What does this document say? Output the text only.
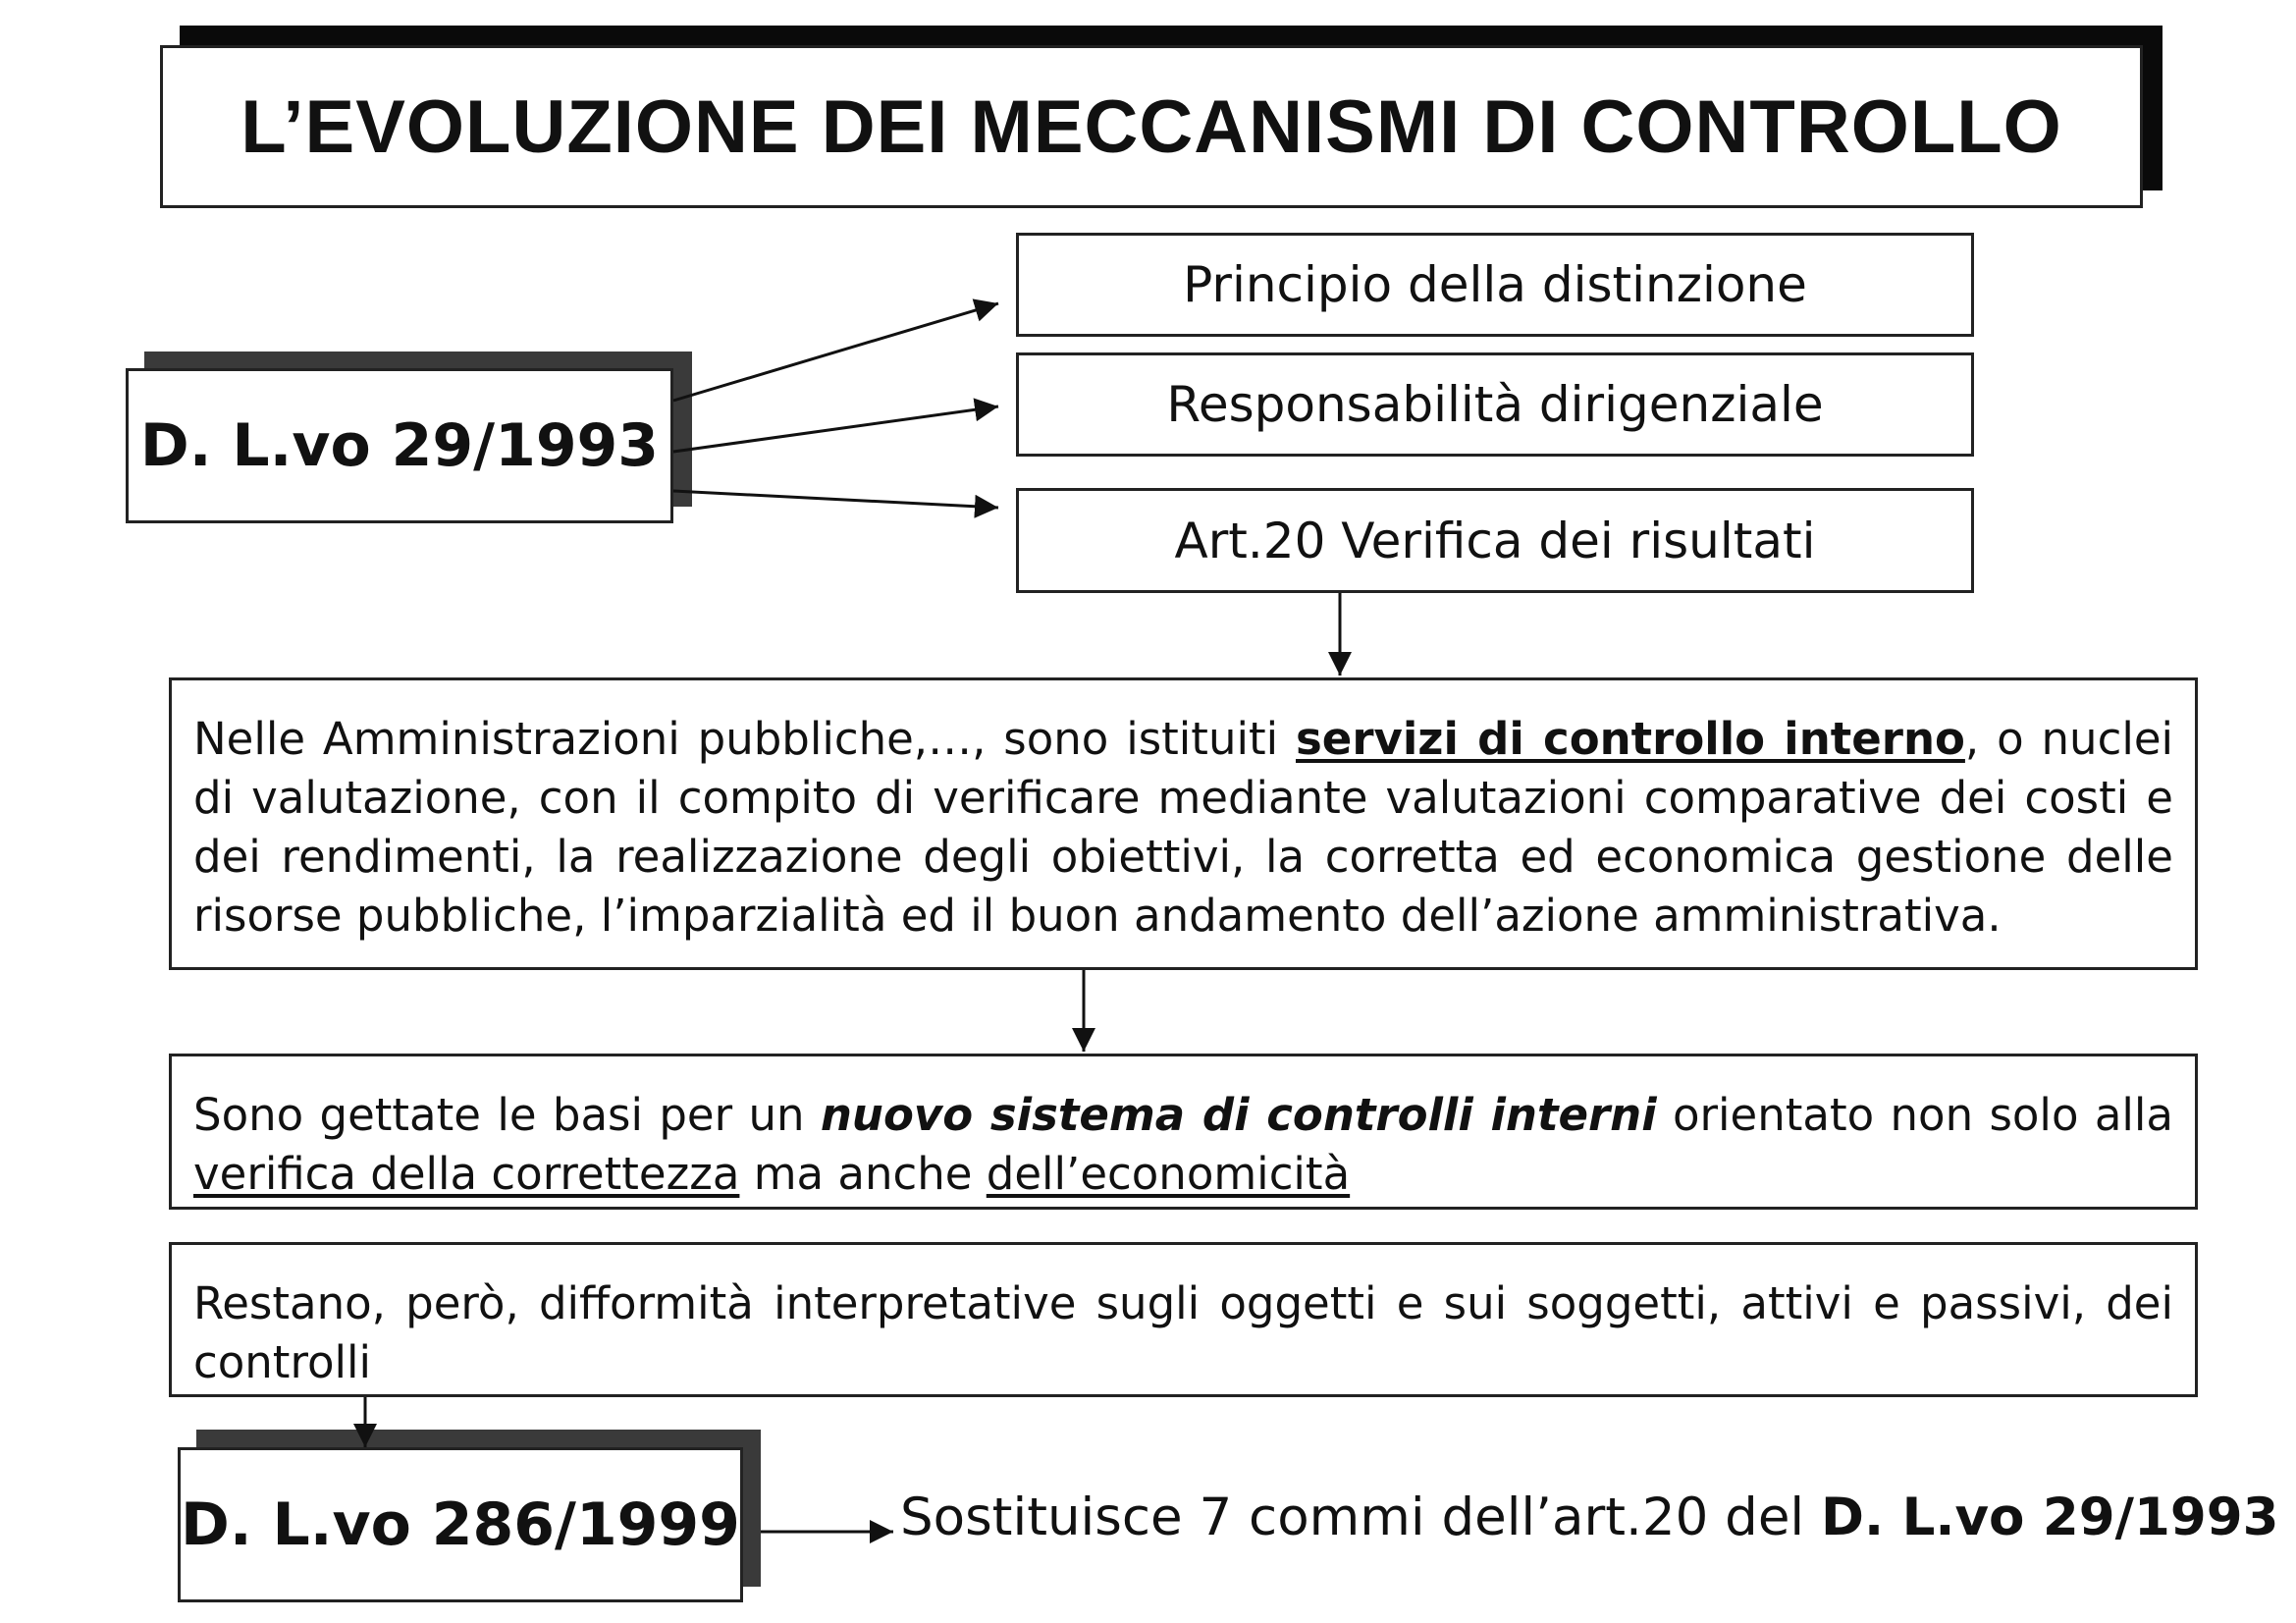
L’EVOLUZIONE DEI MECCANISMI DI CONTROLLO
D. L.vo 29/1993
Principio della distinzione
Responsabilità dirigenziale
Art.20 Verifica dei risultati
Nelle Amministrazioni pubbliche,…, sono istituiti servizi di controllo interno, o nuclei di valutazione, con il compito di verificare mediante valutazioni comparative dei costi e dei rendimenti, la realizzazione degli obiettivi, la corretta ed economica gestione delle risorse pubbliche, l’imparzialità ed il buon andamento dell’azione amministrativa.
Sono gettate le basi per un nuovo sistema di controlli interni orientato non solo alla verifica della correttezza ma anche dell’economicità
Restano, però, difformità interpretative sugli oggetti e sui soggetti, attivi e passivi, dei controlli
D. L.vo 286/1999	Sostituisce 7 commi dell’art.20 del D. L.vo 29/1993
